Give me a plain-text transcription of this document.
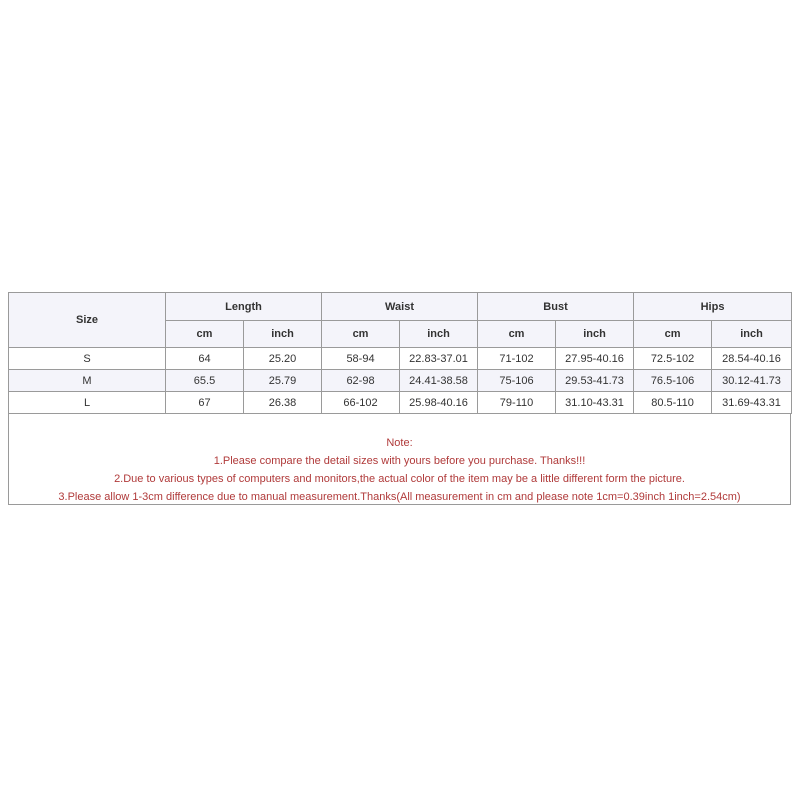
Size	Length		Waist		Bust		Hips	
	cm	inch	cm	inch	cm	inch	cm	inch
S	64	25.20	58-94	22.83-37.01	71-102	27.95-40.16	72.5-102	28.54-40.16
M	65.5	25.79	62-98	24.41-38.58	75-106	29.53-41.73	76.5-106	30.12-41.73
L	67	26.38	66-102	25.98-40.16	79-110	31.10-43.31	80.5-110	31.69-43.31
Note:
1.Please compare the detail sizes with yours before you purchase. Thanks!!!
2.Due to various types of computers and monitors,the actual color of the item may be a little different form the picture.
3.Please allow 1-3cm difference due to manual measurement.Thanks(All measurement in cm and please note 1cm=0.39inch 1inch=2.54cm)
